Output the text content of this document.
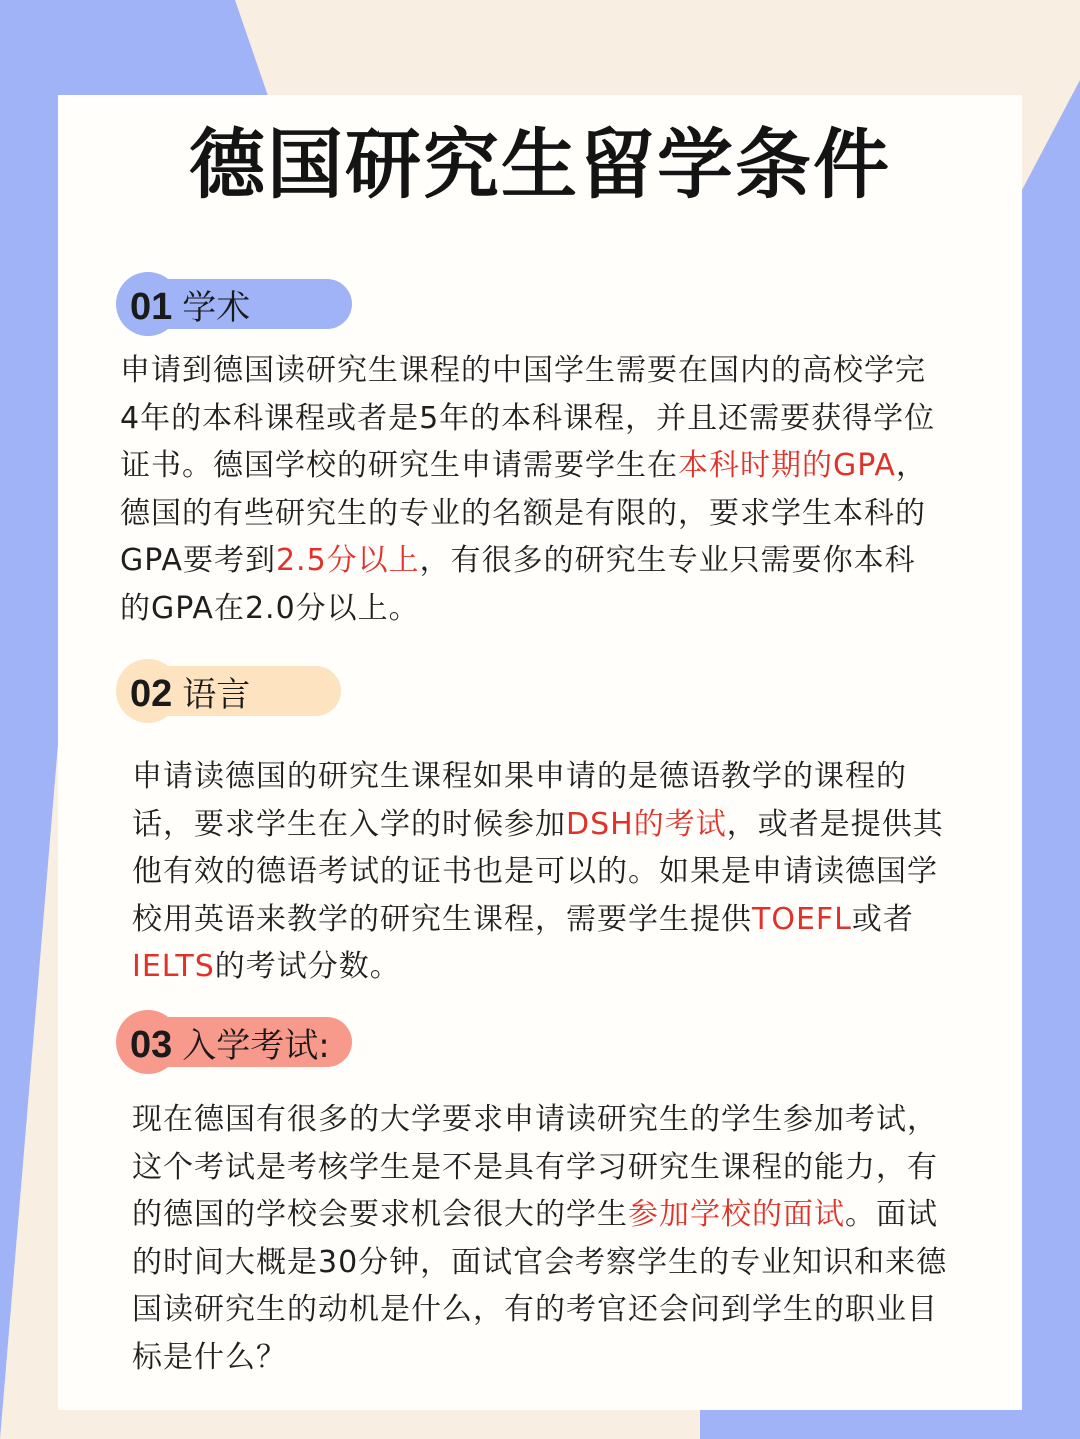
德国研究生留学条件
01 学术
申请到德国读研究生课程的中国学生需要在国内的高校学完
4年的本科课程或者是5年的本科课程，并且还需要获得学位
证书。德国学校的研究生申请需要学生在本科时期的GPA，
德国的有些研究生的专业的名额是有限的，要求学生本科的
GPA要考到2.5分以上，有很多的研究生专业只需要你本科
的GPA在2.0分以上。
02 语言
申请读德国的研究生课程如果申请的是德语教学的课程的
话，要求学生在入学的时候参加DSH的考试，或者是提供其
他有效的德语考试的证书也是可以的。如果是申请读德国学
校用英语来教学的研究生课程，需要学生提供TOEFL或者
IELTS的考试分数。
03 入学考试:
现在德国有很多的大学要求申请读研究生的学生参加考试，
这个考试是考核学生是不是具有学习研究生课程的能力，有
的德国的学校会要求机会很大的学生参加学校的面试。面试
的时间大概是30分钟，面试官会考察学生的专业知识和来德
国读研究生的动机是什么，有的考官还会问到学生的职业目
标是什么？
